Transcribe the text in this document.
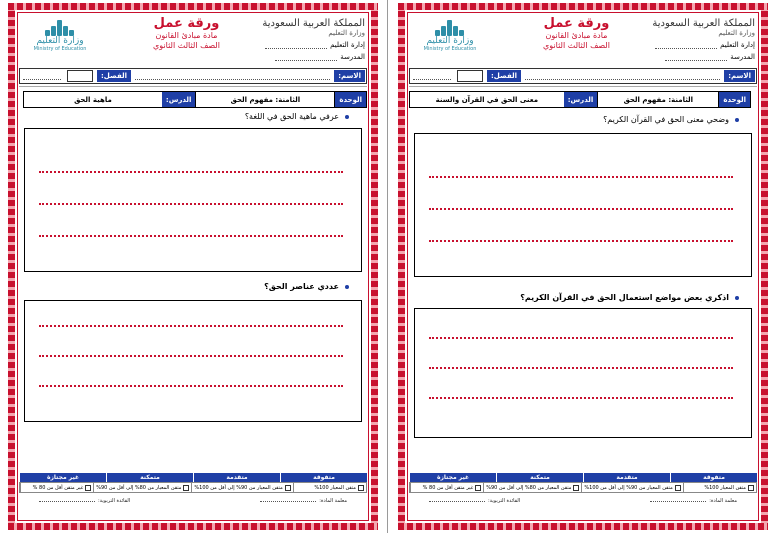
المملكة العربية السعودية
وزارة التعليم
إدارة التعليم
المدرسة
ورقة عمل
مادة مبادئ القانون
الصف الثالث الثانوي
وزارة التعليم
Ministry of Education
الاسم:
الفصل:
الوحدة
الثامنة: مفهوم الحق
الدرس:
معنى الحق في القرآن والسنة
وضحي معنى الحق في القرآن الكريم؟
اذكري بعض مواضع استعمال الحق في القرآن الكريم؟
متفوقة
متقدمة
متمكنة
غير مجتازة
متقن المعيار 100%
متقن المعيار من 90% إلى أقل من 100%
متقن المعيار من 80% إلى أقل من 90%
غير متقن أقل من 80 %
معلمة المادة:
القائدة التربوية:
المملكة العربية السعودية
وزارة التعليم
إدارة التعليم
المدرسة
ورقة عمل
مادة مبادئ القانون
الصف الثالث الثانوي
وزارة التعليم
Ministry of Education
الاسم:
الفصل:
الوحدة
الثامنة: مفهوم الحق
الدرس:
ماهية الحق
عرفي ماهية الحق في اللغة؟
عددي عناصر الحق؟
متفوقة
متقدمة
متمكنة
غير مجتازة
متقن المعيار 100%
متقن المعيار من 90% إلى أقل من 100%
متقن المعيار من 80% إلى أقل من 90%
غير متقن أقل من 80 %
معلمة المادة:
القائدة التربوية:
